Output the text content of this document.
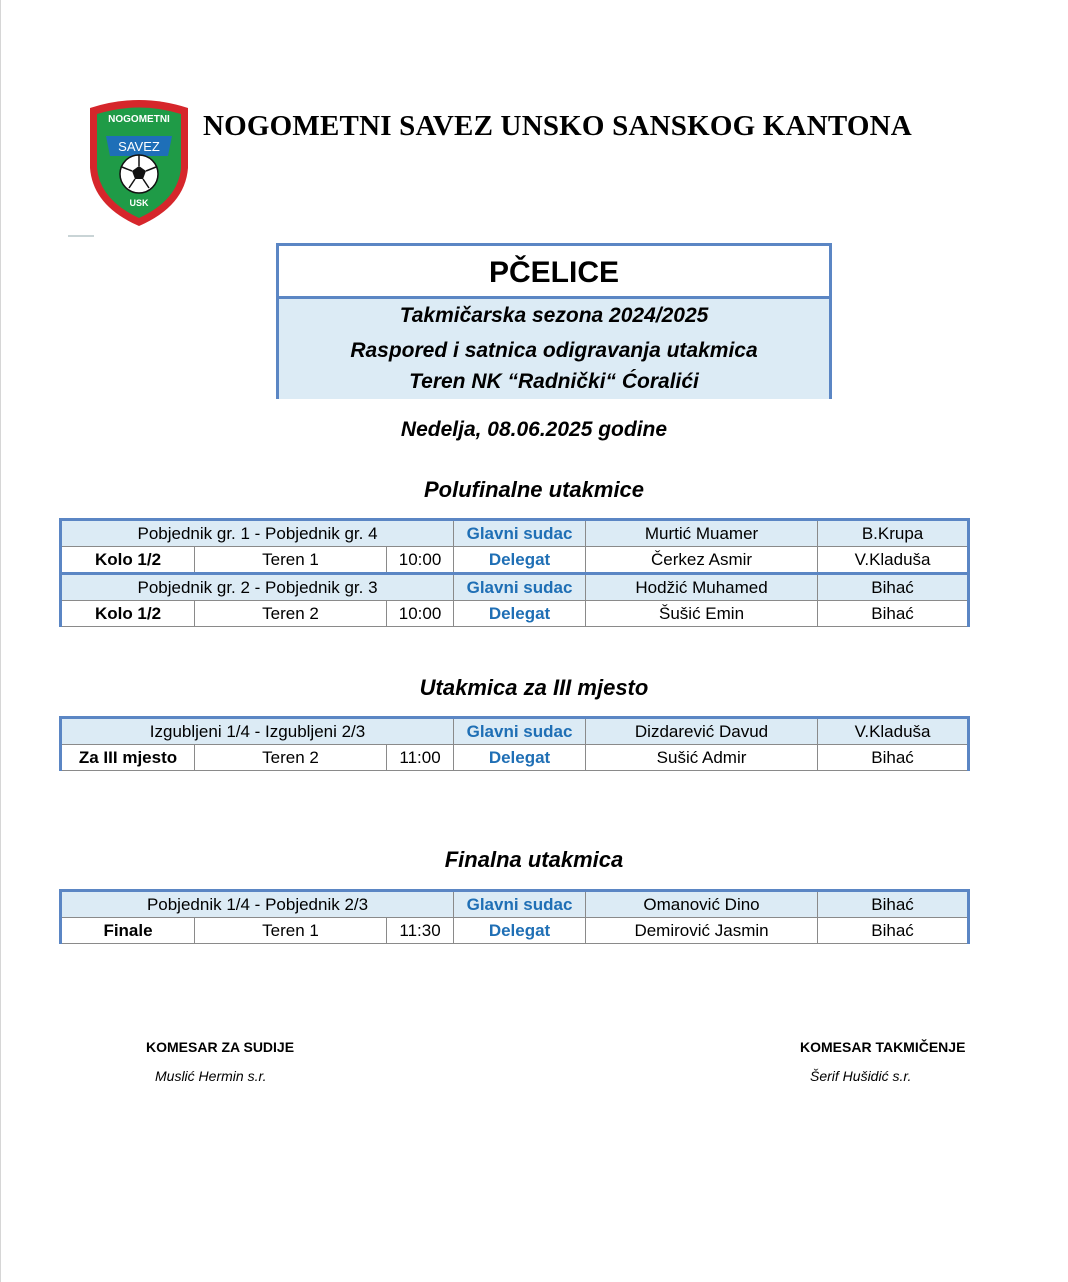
NOGOMETNI
SAVEZ
USK
NOGOMETNI SAVEZ UNSKO SANSKOG KANTONA
PČELICE
Takmičarska sezona 2024/2025
Raspored i satnica odigravanja utakmica
Teren NK “Radnički“ Ćoralići
Nedelja, 08.06.2025 godine
Polufinalne utakmice
Pobjednik gr. 1 - Pobjednik gr. 4			Glavni sudac	Murtić Muamer	B.Krupa
Kolo 1/2	Teren 1	10:00	Delegat	Čerkez Asmir	V.Kladuša
Pobjednik gr. 2 - Pobjednik gr. 3			Glavni sudac	Hodžić Muhamed	Bihać
Kolo 1/2	Teren 2	10:00	Delegat	Šušić Emin	Bihać
Utakmica za III mjesto
Izgubljeni 1/4 - Izgubljeni 2/3			Glavni sudac	Dizdarević Davud	V.Kladuša
Za III mjesto	Teren 2	11:00	Delegat	Sušić Admir	Bihać
Finalna utakmica
Pobjednik 1/4 - Pobjednik 2/3			Glavni sudac	Omanović Dino	Bihać
Finale	Teren 1	11:30	Delegat	Demirović Jasmin	Bihać
KOMESAR ZA SUDIJE
Muslić Hermin s.r.
KOMESAR TAKMIČENJE
Šerif Hušidić s.r.
